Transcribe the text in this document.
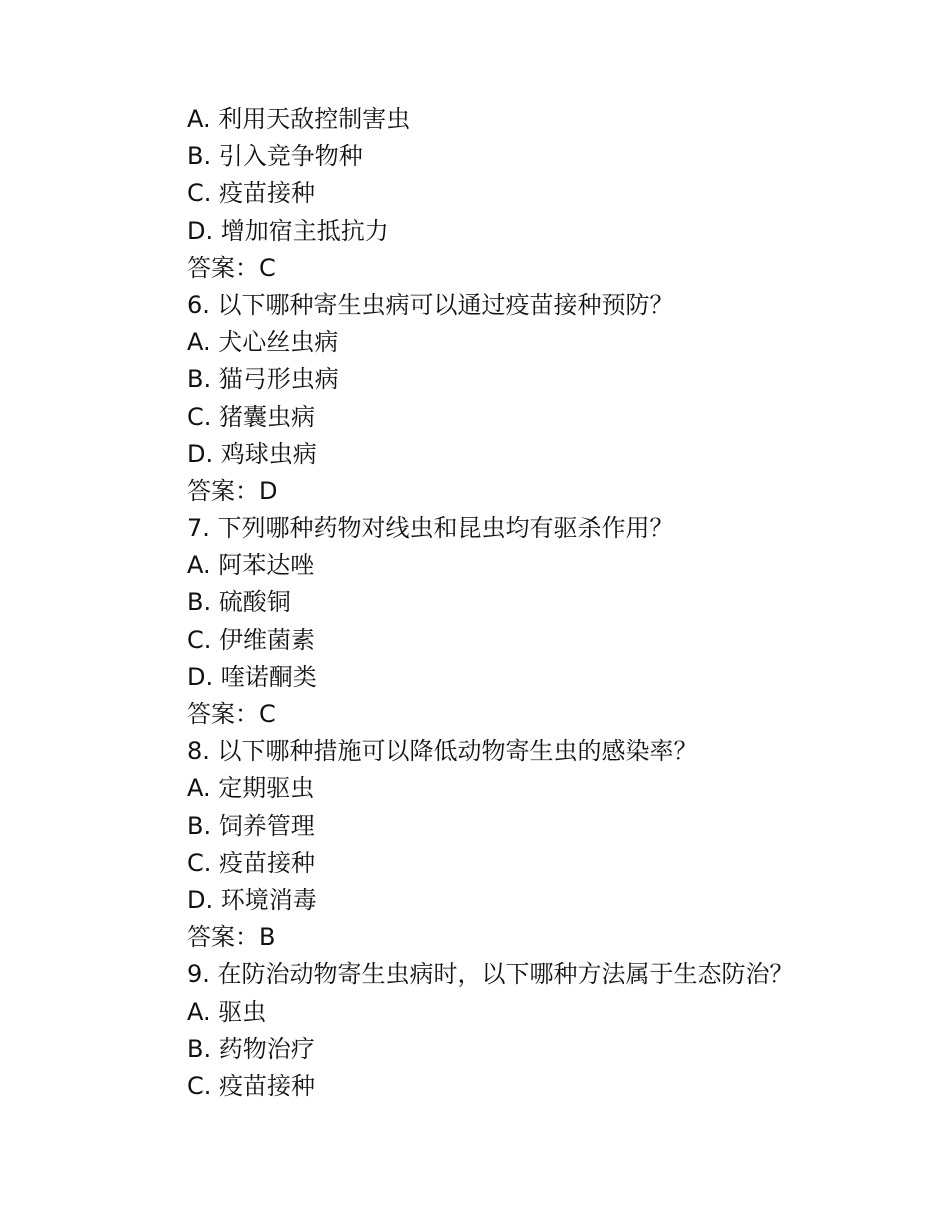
A. 利用天敌控制害虫
B. 引入竞争物种
C. 疫苗接种
D. 增加宿主抵抗力
答案：C
6. 以下哪种寄生虫病可以通过疫苗接种预防？
A. 犬心丝虫病
B. 猫弓形虫病
C. 猪囊虫病
D. 鸡球虫病
答案：D
7. 下列哪种药物对线虫和昆虫均有驱杀作用？
A. 阿苯达唑
B. 硫酸铜
C. 伊维菌素
D. 喹诺酮类
答案：C
8. 以下哪种措施可以降低动物寄生虫的感染率？
A. 定期驱虫
B. 饲养管理
C. 疫苗接种
D. 环境消毒
答案：B
9. 在防治动物寄生虫病时，以下哪种方法属于生态防治？
A. 驱虫
B. 药物治疗
C. 疫苗接种
